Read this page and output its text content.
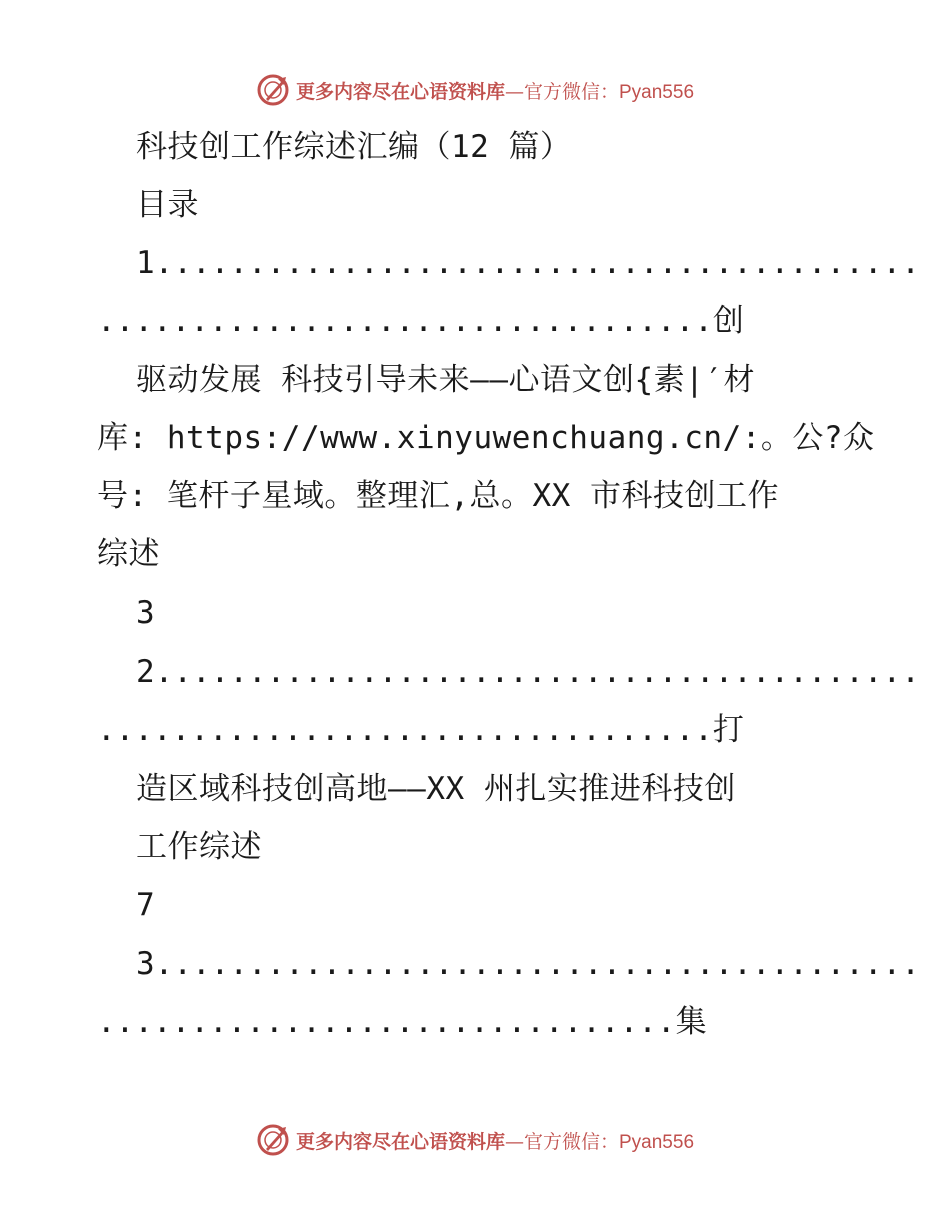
更多内容尽在心语资料库—官方微信：Pyan556
科技创工作综述汇编（12 篇）
目录
1.........................................
.................................创
驱动发展 科技引导未来——心语文创{素|′材
库: https://www.xinyuwenchuang.cn/:。公?众
号: 笔杆子星域。整理汇,总。XX 市科技创工作
综述
3
2.........................................
.................................打
造区域科技创高地——XX 州扎实推进科技创
工作综述
7
3.........................................
...............................集
更多内容尽在心语资料库—官方微信：Pyan556
